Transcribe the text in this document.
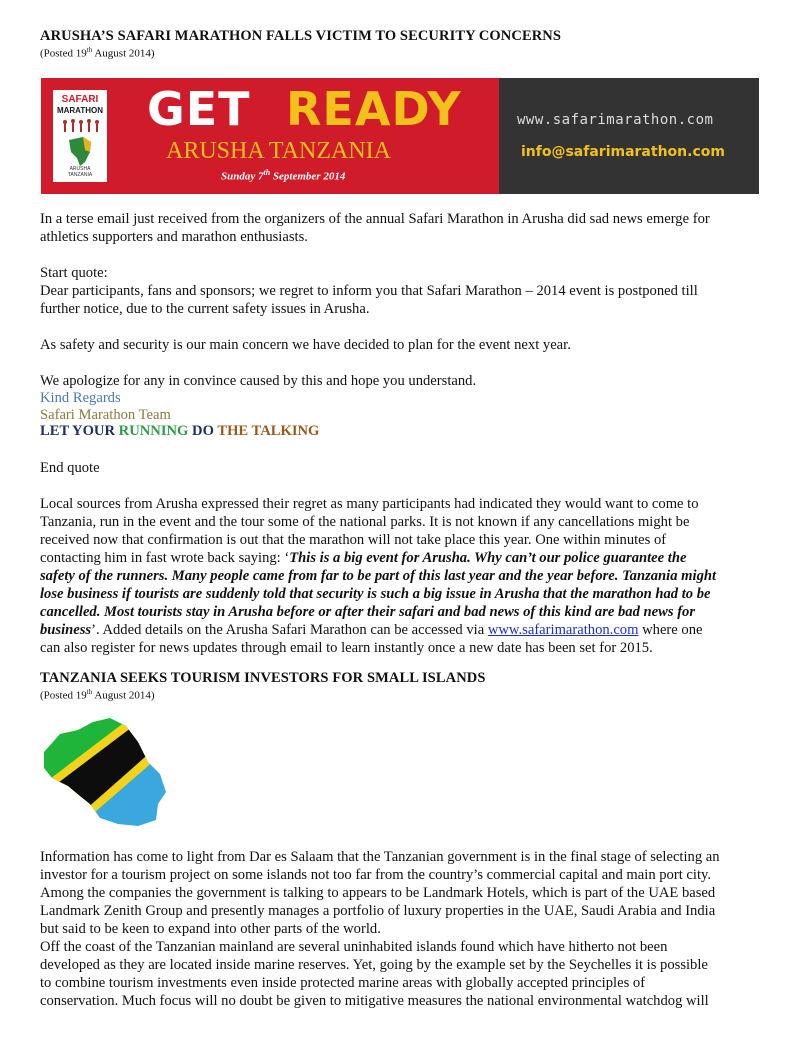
ARUSHA’S SAFARI MARATHON FALLS VICTIM TO SECURITY CONCERNS
(Posted 19th August 2014)
SAFARI
MARATHON
ARUSHA
TANZANIA
GET READY
ARUSHA TANZANIA
Sunday 7th September 2014
www.safarimarathon.com
info@safarimarathon.com
In a terse email just received from the organizers of the annual Safari Marathon in Arusha did sad news emerge for
athletics supporters and marathon enthusiasts.
Start quote:
Dear participants, fans and sponsors; we regret to inform you that Safari Marathon – 2014 event is postponed till
further notice, due to the current safety issues in Arusha.
As safety and security is our main concern we have decided to plan for the event next year.
We apologize for any in convince caused by this and hope you understand.
Kind Regards
Safari Marathon Team
LET YOUR RUNNING DO THE TALKING
End quote
Local sources from Arusha expressed their regret as many participants had indicated they would want to come to
Tanzania, run in the event and the tour some of the national parks. It is not known if any cancellations might be
received now that confirmation is out that the marathon will not take place this year. One within minutes of
contacting him in fast wrote back saying: ‘This is a big event for Arusha. Why can’t our police guarantee the
safety of the runners. Many people came from far to be part of this last year and the year before. Tanzania might
lose business if tourists are suddenly told that security is such a big issue in Arusha that the marathon had to be
cancelled. Most tourists stay in Arusha before or after their safari and bad news of this kind are bad news for
business’. Added details on the Arusha Safari Marathon can be accessed via www.safarimarathon.com where one
can also register for news updates through email to learn instantly once a new date has been set for 2015.
TANZANIA SEEKS TOURISM INVESTORS FOR SMALL ISLANDS
(Posted 19th August 2014)
Information has come to light from Dar es Salaam that the Tanzanian government is in the final stage of selecting an
investor for a tourism project on some islands not too far from the country’s commercial capital and main port city.
Among the companies the government is talking to appears to be Landmark Hotels, which is part of the UAE based
Landmark Zenith Group and presently manages a portfolio of luxury properties in the UAE, Saudi Arabia and India
but said to be keen to expand into other parts of the world.
Off the coast of the Tanzanian mainland are several uninhabited islands found which have hitherto not been
developed as they are located inside marine reserves. Yet, going by the example set by the Seychelles it is possible
to combine tourism investments even inside protected marine areas with globally accepted principles of
conservation. Much focus will no doubt be given to mitigative measures the national environmental watchdog will
